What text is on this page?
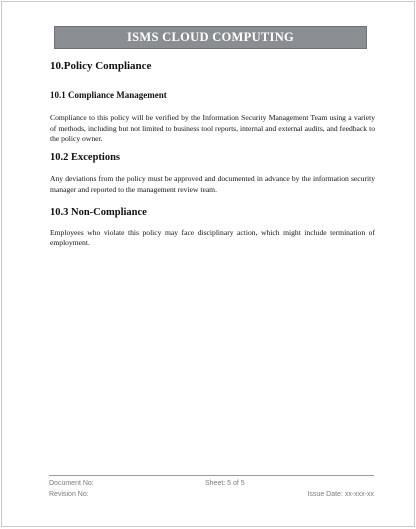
ISMS CLOUD COMPUTING
10.Policy Compliance
10.1 Compliance Management

Compliance to this policy will be verified by the Information Security Management Team using a variety of methods, including but not limited to business tool reports, internal and external audits, and feedback to the policy owner.

10.2 Exceptions

Any deviations from the policy must be approved and documented in advance by the information security manager and reported to the management review team.

10.3 Non-Compliance

Employees who violate this policy may face disciplinary action, which might include termination of employment.

Document No:	Sheet: 5 of 5
Revision No:	Issue Date: xx-xxx-xx
